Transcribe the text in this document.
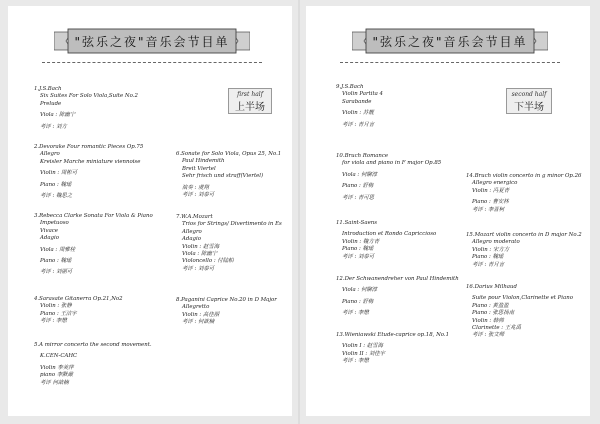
"弦乐之夜"音乐会节目单
first half
上半场
1.J.S.Bach
Six Suites For Solo Viola,Suite No.2
Prelude
Viola : 陈幽宁
考评 : 刘方
2.Devorake Four romantic Pieces Op.75
Allegro
Kreisler Marche miniature viennoise
Violin : 周彬可
Piano : 魏瑶
考评 : 魏思之
3.Rebecca Clarke Sonata For Viola & Piano
Impetuoso
Vivace
Adagio
Viola : 周雅桂
Piano : 魏瑶
考评 : 刘丽可
4.Sarasate Gitanerra Op.21,No2
Violin : 张静
Piano : 王洁宇
考评 : 李懋
5.A mirror concerto the second movement.
K.CEN-CAHC
Violin 李美萍
piano 李默厳
考评 何歆楠
6.Sonate for Solo Viola, Opus 25, No.1
Paul Hindemith
Breit Viertel
Sehr frisch und straff(Viertel)
演奏 : 虞翔
考评 : 刘泰可
7.W.A.Mozart
Trios for Strings/ Divertimento in Es
Allegro
Adagio
Violin : 赵雪海
Viola : 陈幽宁
Violoncello : 付陆帕
考评 : 刘泰可
8.Paganini Caprice No.20 in D Major
Allegretto
Violin : 高佳丽
考评 : 何歆楠
"弦乐之夜"音乐会节目单
second half
下半场
9.J.S.Bach
Violin Partita 4
Sarabande
Violin : 苏靓
考评 : 青月言
10.Bruch Romance
for viola and piano in F major Op.85
Viola : 何聊淳
Piano : 舒梅
考评 : 青可思
11.Saint-Saens
Introduction et Rondo Capriccioso
Violin : 魏方青
Piano : 魏瑶
考评 : 刘泰可
12.Der Schwanendreher von Paul Hindemith
Viola : 何聊淳
Piano : 舒梅
考评 : 李懋
13.Wieniawski Etude-caprice op.18, No.1
Violin I : 赵雪海
Violin II : 刘佳宇
考评 : 李懋
14.Bruch violin concerto in g minor Op.26
Allegro energico
Violin : 冯夏青
Piano : 曹安林
考评 : 李晋柯
15.Mozart violin concerto in D major No.2
Allegro moderato
Violin : 宋方方
Piano : 魏瑶
考评 : 青月言
16.Darius Milhaud
Suite pour Violon,Clarinette et Piano
Piano : 黄盈盈
Piano : 张思扬南
Violin : 韩帅
Clarinette : 王兆禹
考评 : 张文师
